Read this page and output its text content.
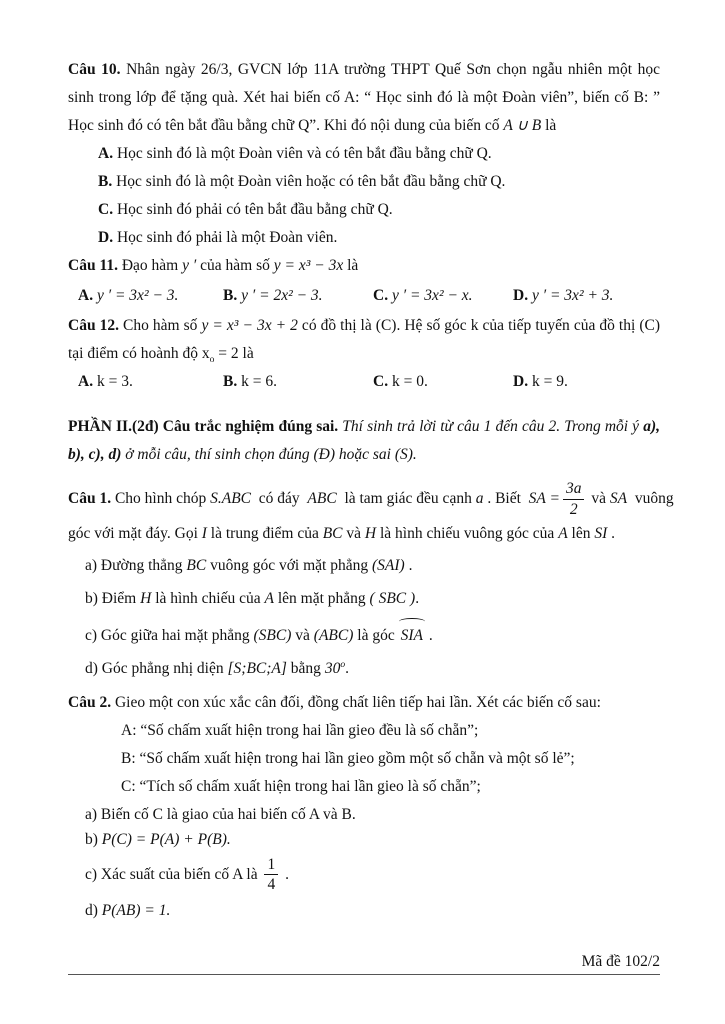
Câu 10. Nhân ngày 26/3, GVCN lớp 11A trường THPT Quế Sơn chọn ngẫu nhiên một học sinh trong lớp để tặng quà. Xét hai biến cố A: “ Học sinh đó là một Đoàn viên”, biến cố B: ” Học sinh đó có tên bắt đầu bằng chữ Q”. Khi đó nội dung của biến cố A ∪ B là

A. Học sinh đó là một Đoàn viên và có tên bắt đầu bằng chữ Q.
B. Học sinh đó là một Đoàn viên hoặc có tên bắt đầu bằng chữ Q.
C. Học sinh đó phải có tên bắt đầu bằng chữ Q.
D. Học sinh đó phải là một Đoàn viên.

Câu 11. Đạo hàm y ′ của hàm số y = x³ − 3x là

A. y ′ = 3x² − 3.	B. y ′ = 2x² − 3.	C. y ′ = 3x² − x.	D. y ′ = 3x² + 3.

Câu 12. Cho hàm số y = x³ − 3x + 2 có đồ thị là (C). Hệ số góc k của tiếp tuyến của đồ thị (C) tại điểm có hoành độ $x_o = 2$ là

A. k = 3.	B. k = 6.	C. k = 0.	D. k = 9.

PHẦN II.(2đ) Câu trắc nghiệm đúng sai. Thí sinh trả lời từ câu 1 đến câu 2. Trong mỗi ý a), b), c), d) ở mỗi câu, thí sinh chọn đúng (Đ) hoặc sai (S).

Câu 1. Cho hình chóp S.ABC có đáy ABC là tam giác đều cạnh a . Biết SA = $\frac{3a}{2}$ và SA vuông
góc với mặt đáy. Gọi I là trung điểm của BC và H là hình chiếu vuông góc của A lên SI .
a) Đường thẳng BC vuông góc với mặt phẳng (SAI) .
b) Điểm H là hình chiếu của A lên mặt phẳng ( SBC ).
c) Góc giữa hai mặt phẳng (SBC) và (ABC) là góc SIA .
d) Góc phẳng nhị diện [S;BC;A] bằng 30$^o$.

Câu 2. Gieo một con xúc xắc cân đối, đồng chất liên tiếp hai lần. Xét các biến cố sau:

A: “Số chấm xuất hiện trong hai lần gieo đều là số chẵn”;
B: “Số chấm xuất hiện trong hai lần gieo gồm một số chẵn và một số lẻ”;
C: “Tích số chấm xuất hiện trong hai lần gieo là số chẵn”;
a) Biến cố C là giao của hai biến cố A và B.
b) P(C) = P(A) + P(B).
c) Xác suất của biến cố A là $\frac{1}{4}$ .
d) P(AB) = 1.
Mã đề 102/2
